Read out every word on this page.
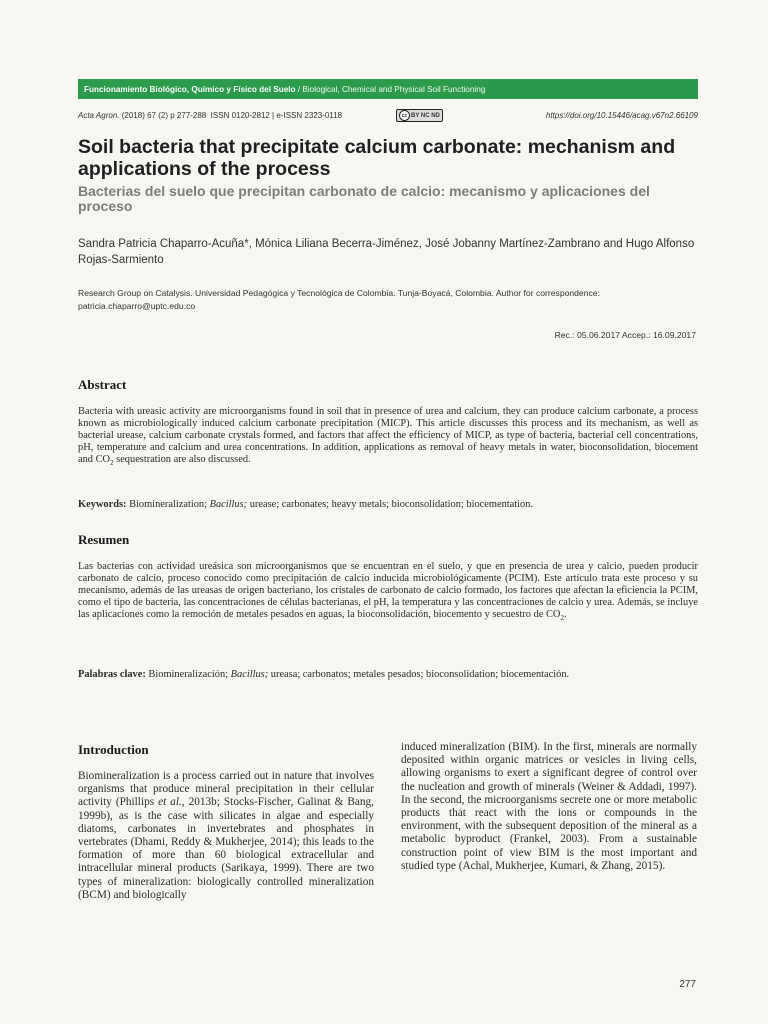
Funcionamiento Biológico, Químico y Físico del Suelo / Biological, Chemical and Physical Soil Functioning
Acta Agron. (2018) 67 (2) p 277-288  ISSN 0120-2812 | e-ISSN 2323-0118	cc BY NC ND	https://doi.org/10.15446/acag.v67n2.66109
Soil bacteria that precipitate calcium carbonate: mechanism and applications of the process
Bacterias del suelo que precipitan carbonato de calcio: mecanismo y aplicaciones del proceso
Sandra Patricia Chaparro-Acuña*, Mónica Liliana Becerra-Jiménez, José Jobanny Martínez-Zambrano and Hugo Alfonso Rojas-Sarmiento
Research Group on Catalysis. Universidad Pedagógica y Tecnológica de Colombia. Tunja-Boyacá, Colombia. Author for correspondence: patricia.chaparro@uptc.edu.co
Rec.: 05.06.2017 Accep.: 16.09.2017
Abstract

Bacteria with ureasic activity are microorganisms found in soil that in presence of urea and calcium, they can produce calcium carbonate, a process known as microbiologically induced calcium carbonate precipitation (MICP). This article discusses this process and its mechanism, as well as bacterial urease, calcium carbonate crystals formed, and factors that affect the efficiency of MICP, as type of bacteria, bacterial cell concentrations, pH, temperature and calcium and urea concentrations. In addition, applications as removal of heavy metals in water, bioconsolidation, biocement and $CO_2$ sequestration are also discussed.

Keywords: Biomineralization; Bacillus; urease; carbonates; heavy metals; bioconsolidation; biocementation.

Resumen

Las bacterias con actividad ureásica son microorganismos que se encuentran en el suelo, y que en presencia de urea y calcio, pueden producir carbonato de calcio, proceso conocido como precipitación de calcio inducida microbiológicamente (PCIM). Este artículo trata este proceso y su mecanismo, además de las ureasas de origen bacteriano, los cristales de carbonato de calcio formado, los factores que afectan la eficiencia la PCIM, como el tipo de bacteria, las concentraciones de células bacterianas, el pH, la temperatura y las concentraciones de calcio y urea. Además, se incluye las aplicaciones como la remoción de metales pesados en aguas, la bioconsolidación, biocemento y secuestro de $CO_2$.

Palabras clave: Biomineralización; Bacillus; ureasa; carbonatos; metales pesados; bioconsolidation; biocementación.

Introduction

Biomineralization is a process carried out in nature that involves organisms that produce mineral precipitation in their cellular activity (Phillips et al., 2013b; Stocks-Fischer, Galinat & Bang, 1999b), as is the case with silicates in algae and especially diatoms, carbonates in invertebrates and phosphates in vertebrates (Dhami, Reddy & Mukherjee, 2014); this leads to the formation of more than 60 biological extracellular and intracellular mineral products (Sarikaya, 1999). There are two types of mineralization: biologically controlled mineralization (BCM) and biologically

induced mineralization (BIM). In the first, minerals are normally deposited within organic matrices or vesicles in living cells, allowing organisms to exert a significant degree of control over the nucleation and growth of minerals (Weiner & Addadi, 1997). In the second, the microorganisms secrete one or more metabolic products that react with the ions or compounds in the environment, with the subsequent deposition of the mineral as a metabolic byproduct (Frankel, 2003). From a sustainable construction point of view BIM is the most important and studied type (Achal, Mukherjee, Kumari, & Zhang, 2015).

277
